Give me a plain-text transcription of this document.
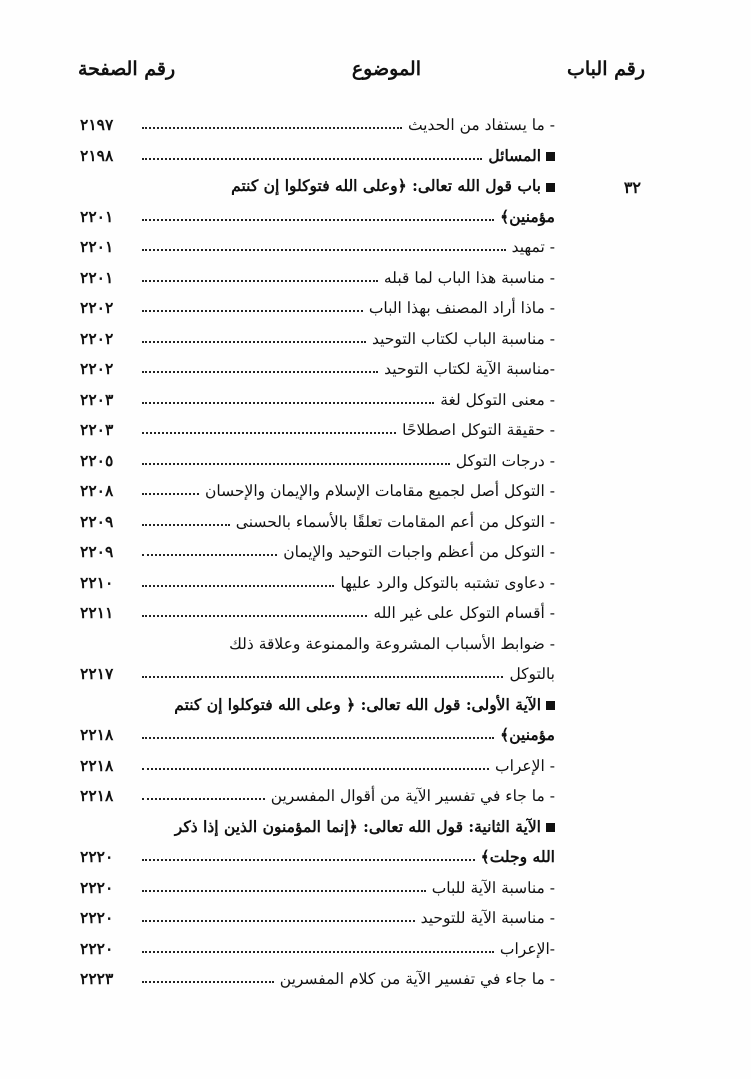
رقم الباب
الموضوع
رقم الصفحة
٣٢
- ما يستفاد من الحديث
٢١٩٧
المسائل
٢١٩٨
باب قول الله تعالى: ﴿وعلى الله فتوكلوا إن كنتم
مؤمنين﴾
٢٢٠١
- تمهيد
٢٢٠١
- مناسبة هذا الباب لما قبله
٢٢٠١
- ماذا أراد المصنف بهذا الباب
٢٢٠٢
- مناسبة الباب لكتاب التوحيد
٢٢٠٢
-مناسبة الآية لكتاب التوحيد
٢٢٠٢
- معنى التوكل لغة
٢٢٠٣
- حقيقة التوكل اصطلاحًا
٢٢٠٣
- درجات التوكل
٢٢٠٥
- التوكل أصل لجميع مقامات الإسلام والإيمان والإحسان
٢٢٠٨
- التوكل من أعم المقامات تعلقًا بالأسماء بالحسنى
٢٢٠٩
- التوكل من أعظم واجبات التوحيد والإيمان
٢٢٠٩
- دعاوى تشتبه بالتوكل والرد عليها
٢٢١٠
- أقسام التوكل على غير الله
٢٢١١
- ضوابط الأسباب المشروعة والممنوعة وعلاقة ذلك
بالتوكل
٢٢١٧
الآية الأولى: قول الله تعالى: ﴿ وعلى الله فتوكلوا إن كنتم
مؤمنين﴾
٢٢١٨
- الإعراب
٢٢١٨
- ما جاء في تفسير الآية من أقوال المفسرين
٢٢١٨
الآية الثانية: قول الله تعالى: ﴿إنما المؤمنون الذين إذا ذكر
الله وجلت﴾
٢٢٢٠
- مناسبة الآية للباب
٢٢٢٠
- مناسبة الآية للتوحيد
٢٢٢٠
-الإعراب
٢٢٢٠
- ما جاء في تفسير الآية من كلام المفسرين
٢٢٢٣
